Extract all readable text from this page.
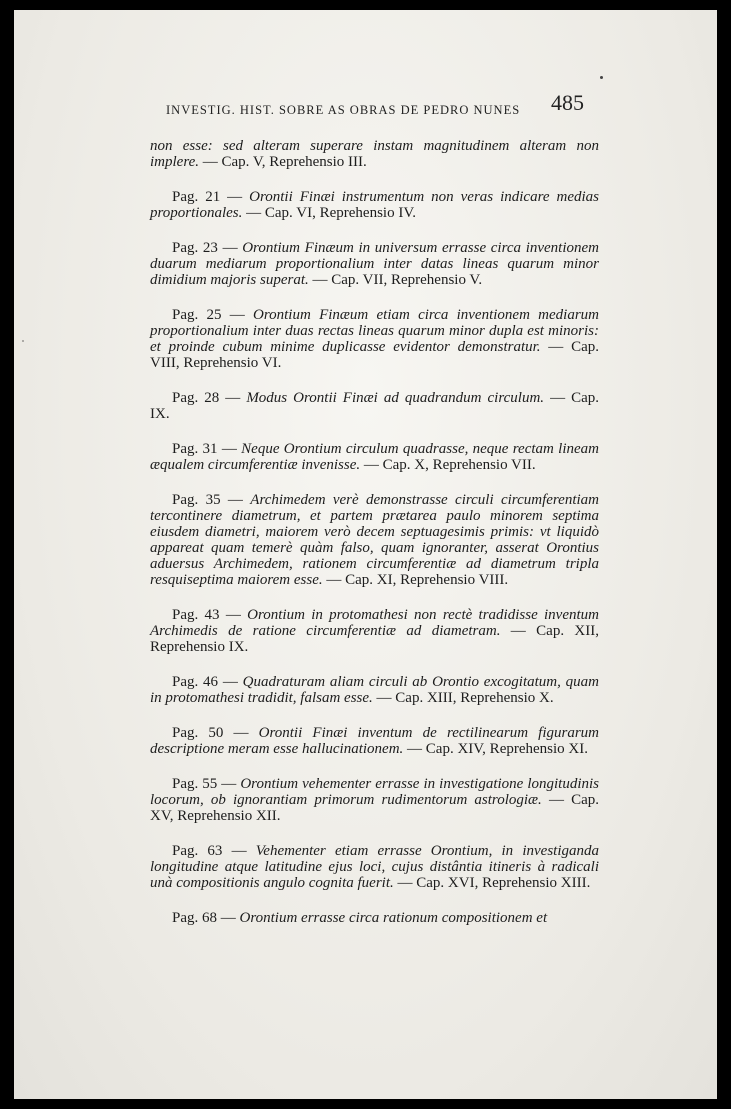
INVESTIG. HIST. SOBRE AS OBRAS DE PEDRO NUNES 485
non esse: sed alteram superare instam magnitudinem alteram non implere. — Cap. V, Reprehensio III.
Pag. 21 — Orontii Finæi instrumentum non veras indicare medias proportionales. — Cap. VI, Reprehensio IV.
Pag. 23 — Orontium Finæum in universum errasse circa inventionem duarum mediarum proportionalium inter datas lineas quarum minor dimidium majoris superat. — Cap. VII, Reprehensio V.
Pag. 25 — Orontium Finæum etiam circa inventionem mediarum proportionalium inter duas rectas lineas quarum minor dupla est minoris: et proinde cubum minime duplicasse evidentor demonstratur. — Cap. VIII, Reprehensio VI.
Pag. 28 — Modus Orontii Finæi ad quadrandum circulum. — Cap. IX.
Pag. 31 — Neque Orontium circulum quadrasse, neque rectam lineam æqualem circumferentiæ invenisse. — Cap. X, Reprehensio VII.
Pag. 35 — Archimedem verè demonstrasse circuli circumferentiam tercontinere diametrum, et partem prætarea paulo minorem septima eiusdem diametri, maiorem verò decem septuagesimis primis: vt liquidò appareat quam temerè quàm falso, quam ignoranter, asserat Orontius aduersus Archimedem, rationem circumferentiæ ad diametrum tripla resquiseptima maiorem esse. — Cap. XI, Reprehensio VIII.
Pag. 43 — Orontium in protomathesi non rectè tradidisse inventum Archimedis de ratione circumferentiæ ad diametram. — Cap. XII, Reprehensio IX.
Pag. 46 — Quadraturam aliam circuli ab Orontio excogitatum, quam in protomathesi tradidit, falsam esse. — Cap. XIII, Reprehensio X.
Pag. 50 — Orontii Finæi inventum de rectilinearum figurarum descriptione meram esse hallucinationem. — Cap. XIV, Reprehensio XI.
Pag. 55 — Orontium vehementer errasse in investigatione longitudinis locorum, ob ignorantiam primorum rudimentorum astrologiæ. — Cap. XV, Reprehensio XII.
Pag. 63 — Vehementer etiam errasse Orontium, in investiganda longitudine atque latitudine ejus loci, cujus distântia itineris à radicali unà compositionis angulo cognita fuerit. — Cap. XVI, Reprehensio XIII.
Pag. 68 — Orontium errasse circa rationum compositionem et
